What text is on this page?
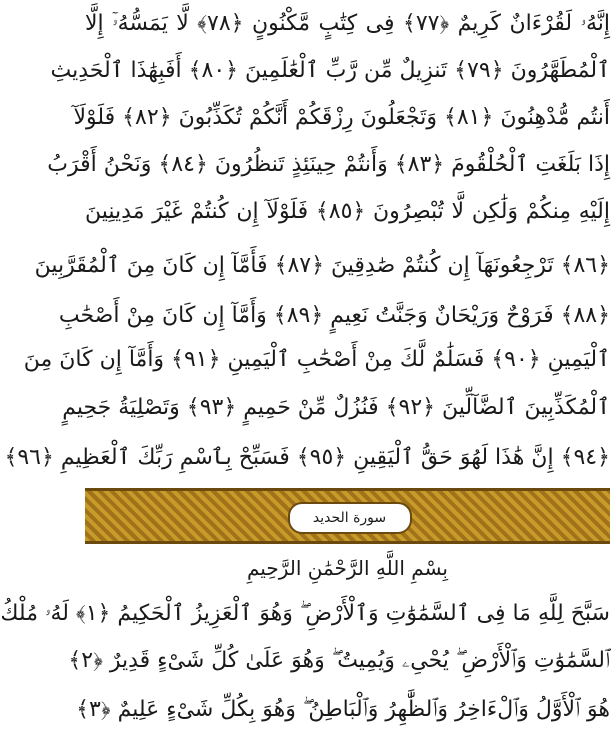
إِنَّهُۥ لَقُرْءَانٌ كَرِيمٌ ﴿٧٧﴾ فِى كِتَٰبٍ مَّكْنُونٍ ﴿٧٨﴾ لَّا يَمَسُّهُۥٓ إِلَّا
ٱلْمُطَهَّرُونَ ﴿٧٩﴾ تَنزِيلٌ مِّن رَّبِّ ٱلْعَٰلَمِينَ ﴿٨٠﴾ أَفَبِهَٰذَا ٱلْحَدِيثِ
أَنتُم مُّدْهِنُونَ ﴿٨١﴾ وَتَجْعَلُونَ رِزْقَكُمْ أَنَّكُمْ تُكَذِّبُونَ ﴿٨٢﴾ فَلَوْلَآ
إِذَا بَلَغَتِ ٱلْحُلْقُومَ ﴿٨٣﴾ وَأَنتُمْ حِينَئِذٍ تَنظُرُونَ ﴿٨٤﴾ وَنَحْنُ أَقْرَبُ
إِلَيْهِ مِنكُمْ وَلَٰكِن لَّا تُبْصِرُونَ ﴿٨٥﴾ فَلَوْلَآ إِن كُنتُمْ غَيْرَ مَدِينِينَ
﴿٨٦﴾ تَرْجِعُونَهَآ إِن كُنتُمْ صَٰدِقِينَ ﴿٨٧﴾ فَأَمَّآ إِن كَانَ مِنَ ٱلْمُقَرَّبِينَ
﴿٨٨﴾ فَرَوْحٌ وَرَيْحَانٌ وَجَنَّتُ نَعِيمٍ ﴿٨٩﴾ وَأَمَّآ إِن كَانَ مِنْ أَصْحَٰبِ
ٱلْيَمِينِ ﴿٩٠﴾ فَسَلَٰمٌ لَّكَ مِنْ أَصْحَٰبِ ٱلْيَمِينِ ﴿٩١﴾ وَأَمَّآ إِن كَانَ مِنَ
ٱلْمُكَذِّبِينَ ٱلضَّآلِّينَ ﴿٩٢﴾ فَنُزُلٌ مِّنْ حَمِيمٍ ﴿٩٣﴾ وَتَصْلِيَةُ جَحِيمٍ
﴿٩٤﴾ إِنَّ هَٰذَا لَهُوَ حَقُّ ٱلْيَقِينِ ﴿٩٥﴾ فَسَبِّحْ بِٱسْمِ رَبِّكَ ٱلْعَظِيمِ ﴿٩٦﴾
سورة الحديد
بِسْمِ اللَّهِ الرَّحْمَٰنِ الرَّحِيمِ
سَبَّحَ لِلَّهِ مَا فِى ٱلسَّمَٰوَٰتِ وَٱلْأَرْضِ ۖ وَهُوَ ٱلْعَزِيزُ ٱلْحَكِيمُ ﴿١﴾ لَهُۥ مُلْكُ
ٱلسَّمَٰوَٰتِ وَٱلْأَرْضِ ۖ يُحْىِۦ وَيُمِيتُ ۖ وَهُوَ عَلَىٰ كُلِّ شَىْءٍ قَدِيرٌ ﴿٢﴾
هُوَ ٱلْأَوَّلُ وَٱلْءَاخِرُ وَٱلظَّٰهِرُ وَٱلْبَاطِنُ ۖ وَهُوَ بِكُلِّ شَىْءٍ عَلِيمٌ ﴿٣﴾
